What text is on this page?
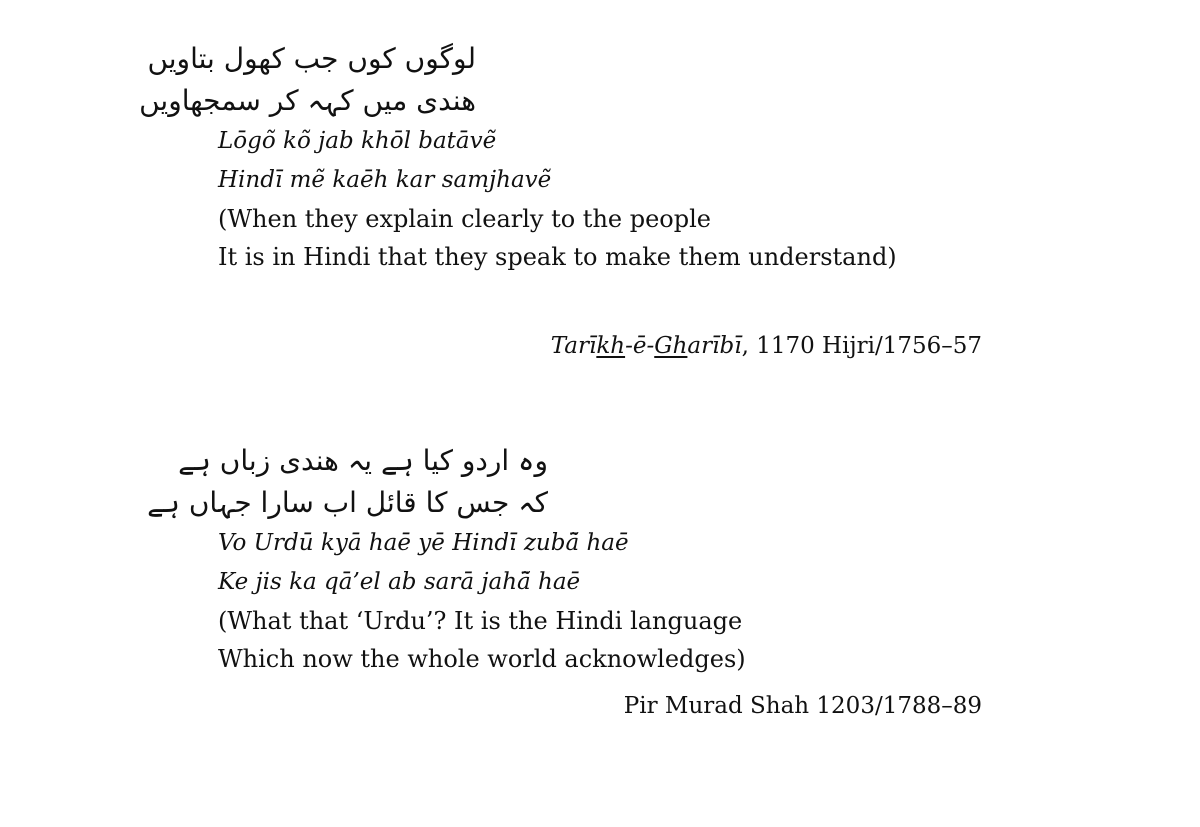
لوگوں کوں جب کھول بتاویں
ھندی میں کہہ کر سمجھاویں
Lōgõ kõ jab khōl batāvẽ
Hindī mẽ kaēh kar samjhavẽ
(When they explain clearly to the people
It is in Hindi that they speak to make them understand)
Tarīkh-ē-Gharībī, 1170 Hijri/1756–57
وہ اردو کیا ہے یہ ھندی زباں ہے
کہ جس کا قائل اب سارا جہاں ہے
Vo Urdū kyā haē yē Hindī zubā̃ haē
Ke jis ka qā’el ab sarā jahā̃ haē
(What that ‘Urdu’? It is the Hindi language
Which now the whole world acknowledges)
Pir Murad Shah 1203/1788–89
